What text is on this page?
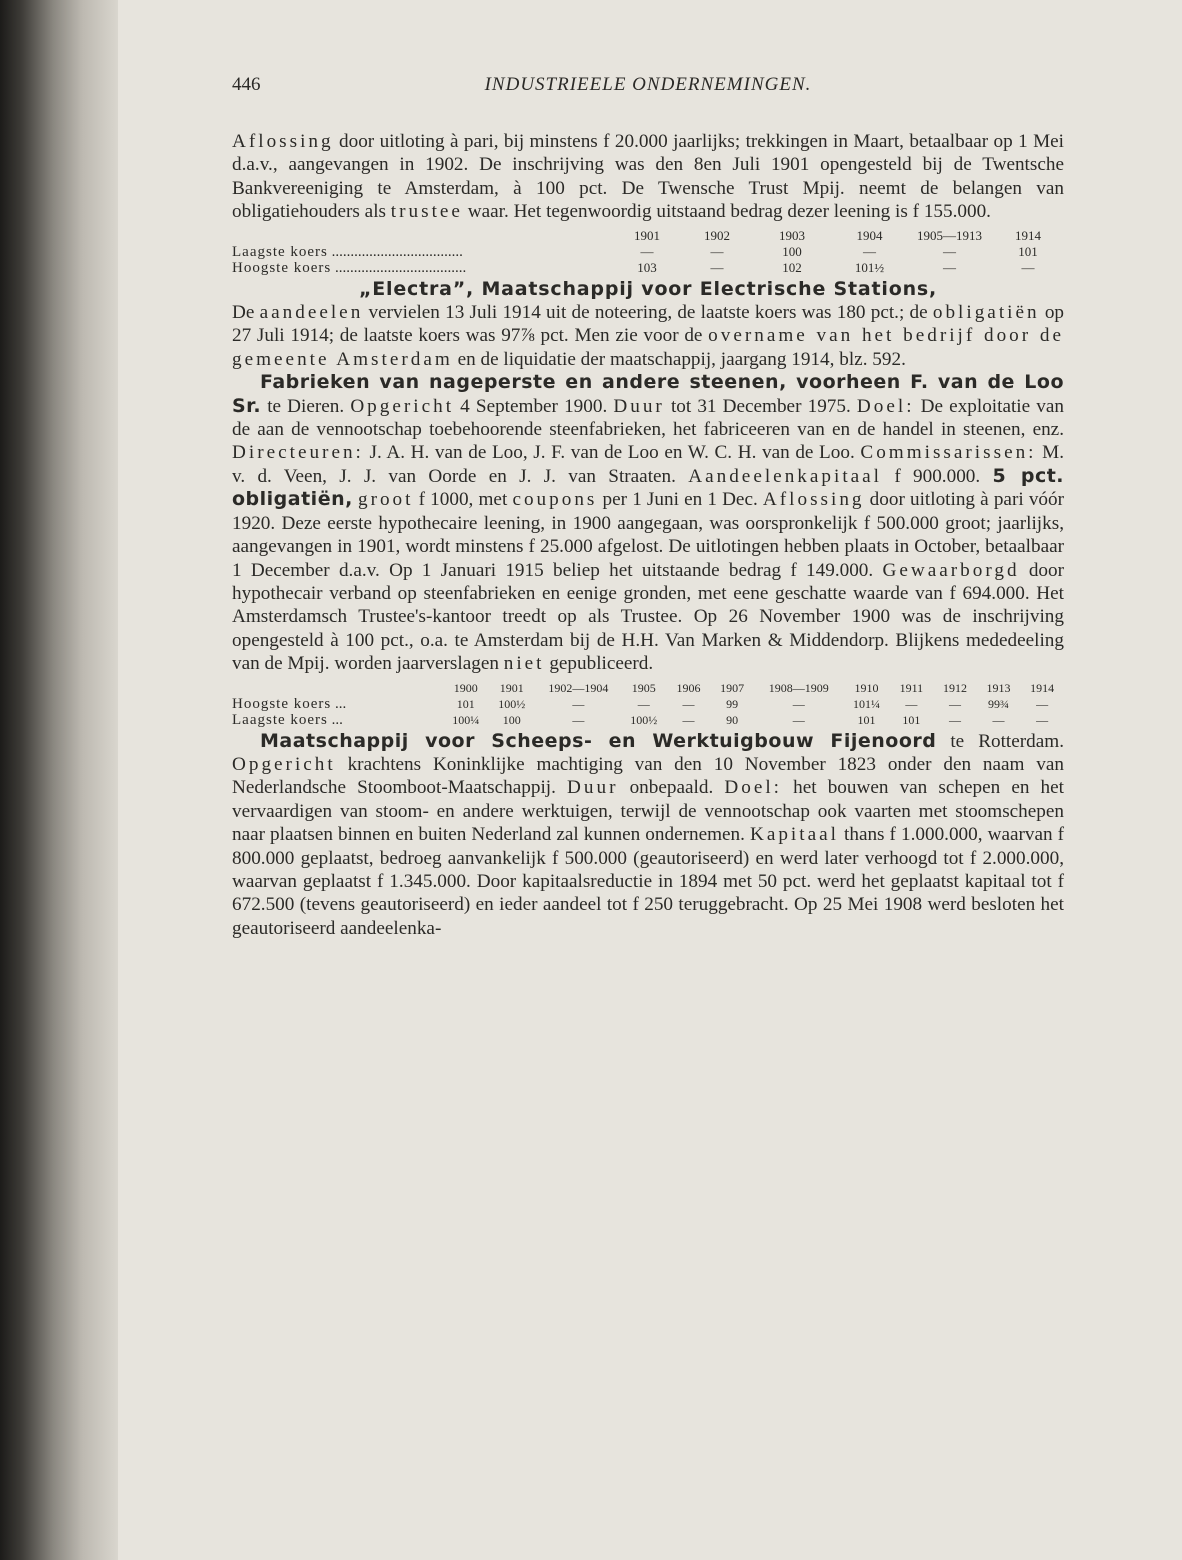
446	INDUSTRIEELE ONDERNEMINGEN.

Aflossing door uitloting à pari, bij minstens f 20.000 jaarlijks; trekkingen in Maart, betaalbaar op 1 Mei d.a.v., aangevangen in 1902. De inschrijving was den 8en Juli 1901 opengesteld bij de Twentsche Bankvereeniging te Amsterdam, à 100 pct. De Twensche Trust Mpij. neemt de belangen van obligatiehouders als trustee waar. Het tegenwoordig uitstaand bedrag dezer leening is f 155.000.

	1901	1902	1903	1904	1905—1913	1914
Laagste koers ...................................	—	—	100	—	—	101
Hoogste koers ...................................	103	—	102	101½	—	—

„Electra”, Maatschappij voor Electrische Stations,

De aandeelen vervielen 13 Juli 1914 uit de noteering, de laatste koers was 180 pct.; de obligatiën op 27 Juli 1914; de laatste koers was 97⅞ pct. Men zie voor de overname van het bedrijf door de gemeente Amsterdam en de liquidatie der maatschappij, jaargang 1914, blz. 592.

Fabrieken van nageperste en andere steenen, voorheen F. van de Loo Sr. te Dieren. Opgericht 4 September 1900. Duur tot 31 December 1975. Doel: De exploitatie van de aan de vennootschap toebehoorende steenfabrieken, het fabriceeren van en de handel in steenen, enz. Directeuren: J. A. H. van de Loo, J. F. van de Loo en W. C. H. van de Loo. Commissarissen: M. v. d. Veen, J. J. van Oorde en J. J. van Straaten. Aandeelenkapitaal f 900.000. 5 pct. obligatiën, groot f 1000, met coupons per 1 Juni en 1 Dec. Aflossing door uitloting à pari vóór 1920. Deze eerste hypothecaire leening, in 1900 aangegaan, was oorspronkelijk f 500.000 groot; jaarlijks, aangevangen in 1901, wordt minstens f 25.000 afgelost. De uitlotingen hebben plaats in October, betaalbaar 1 December d.a.v. Op 1 Januari 1915 beliep het uitstaande bedrag f 149.000. Gewaarborgd door hypothecair verband op steenfabrieken en eenige gronden, met eene geschatte waarde van f 694.000. Het Amsterdamsch Trustee's-kantoor treedt op als Trustee. Op 26 November 1900 was de inschrijving opengesteld à 100 pct., o.a. te Amsterdam bij de H.H. Van Marken & Middendorp. Blijkens mededeeling van de Mpij. worden jaarverslagen niet gepubliceerd.

	1900	1901	1902—1904	1905	1906	1907	1908—1909	1910	1911	1912	1913	1914
Hoogste koers ...	101	100½	—	—	—	99	—	101¼	—	—	99¾	—
Laagste koers ...	100¼	100	—	100½	—	90	—	101	101	—	—	—

Maatschappij voor Scheeps- en Werktuigbouw Fijenoord te Rotterdam. Opgericht krachtens Koninklijke machtiging van den 10 November 1823 onder den naam van Nederlandsche Stoomboot-Maatschappij. Duur onbepaald. Doel: het bouwen van schepen en het vervaardigen van stoom- en andere werktuigen, terwijl de vennootschap ook vaarten met stoomschepen naar plaatsen binnen en buiten Nederland zal kunnen ondernemen. Kapitaal thans f 1.000.000, waarvan f 800.000 geplaatst, bedroeg aanvankelijk f 500.000 (geautoriseerd) en werd later verhoogd tot f 2.000.000, waarvan geplaatst f 1.345.000. Door kapitaalsreductie in 1894 met 50 pct. werd het geplaatst kapitaal tot f 672.500 (tevens geautoriseerd) en ieder aandeel tot f 250 teruggebracht. Op 25 Mei 1908 werd besloten het geautoriseerd aandeelenka-
